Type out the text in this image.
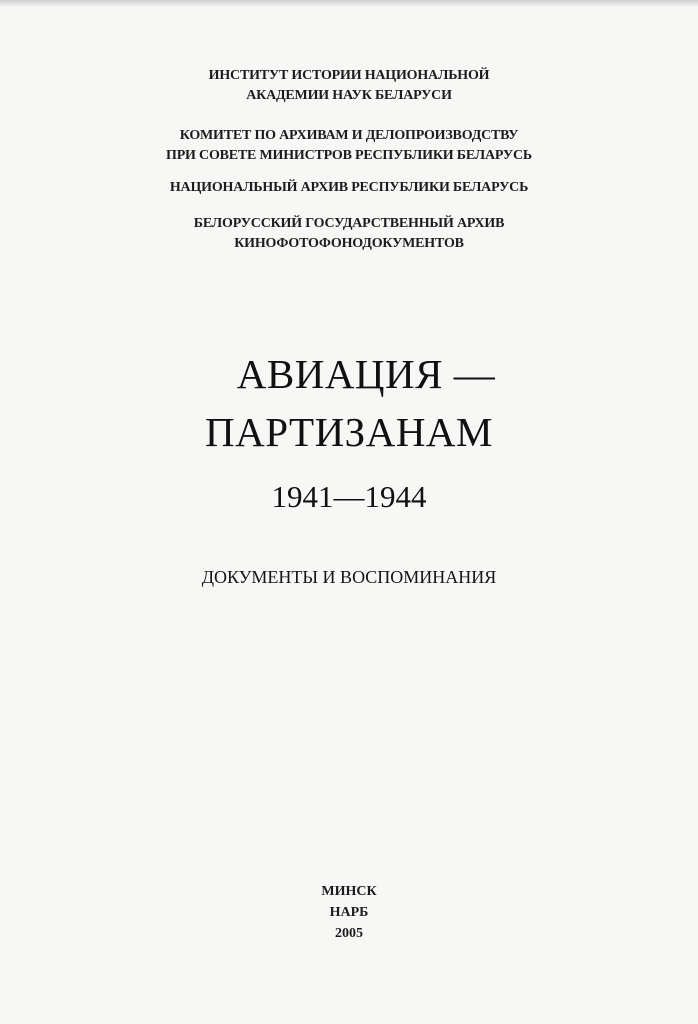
ИНСТИТУТ ИСТОРИИ НАЦИОНАЛЬНОЙ
АКАДЕМИИ НАУК БЕЛАРУСИ
КОМИТЕТ ПО АРХИВАМ И ДЕЛОПРОИЗВОДСТВУ
ПРИ СОВЕТЕ МИНИСТРОВ РЕСПУБЛИКИ БЕЛАРУСЬ
НАЦИОНАЛЬНЫЙ АРХИВ РЕСПУБЛИКИ БЕЛАРУСЬ
БЕЛОРУССКИЙ ГОСУДАРСТВЕННЫЙ АРХИВ
КИНОФОТОФОНОДОКУМЕНТОВ
АВИАЦИЯ —
ПАРТИЗАНАМ
1941—1944
ДОКУМЕНТЫ И ВОСПОМИНАНИЯ
МИНСК
НАРБ
2005
